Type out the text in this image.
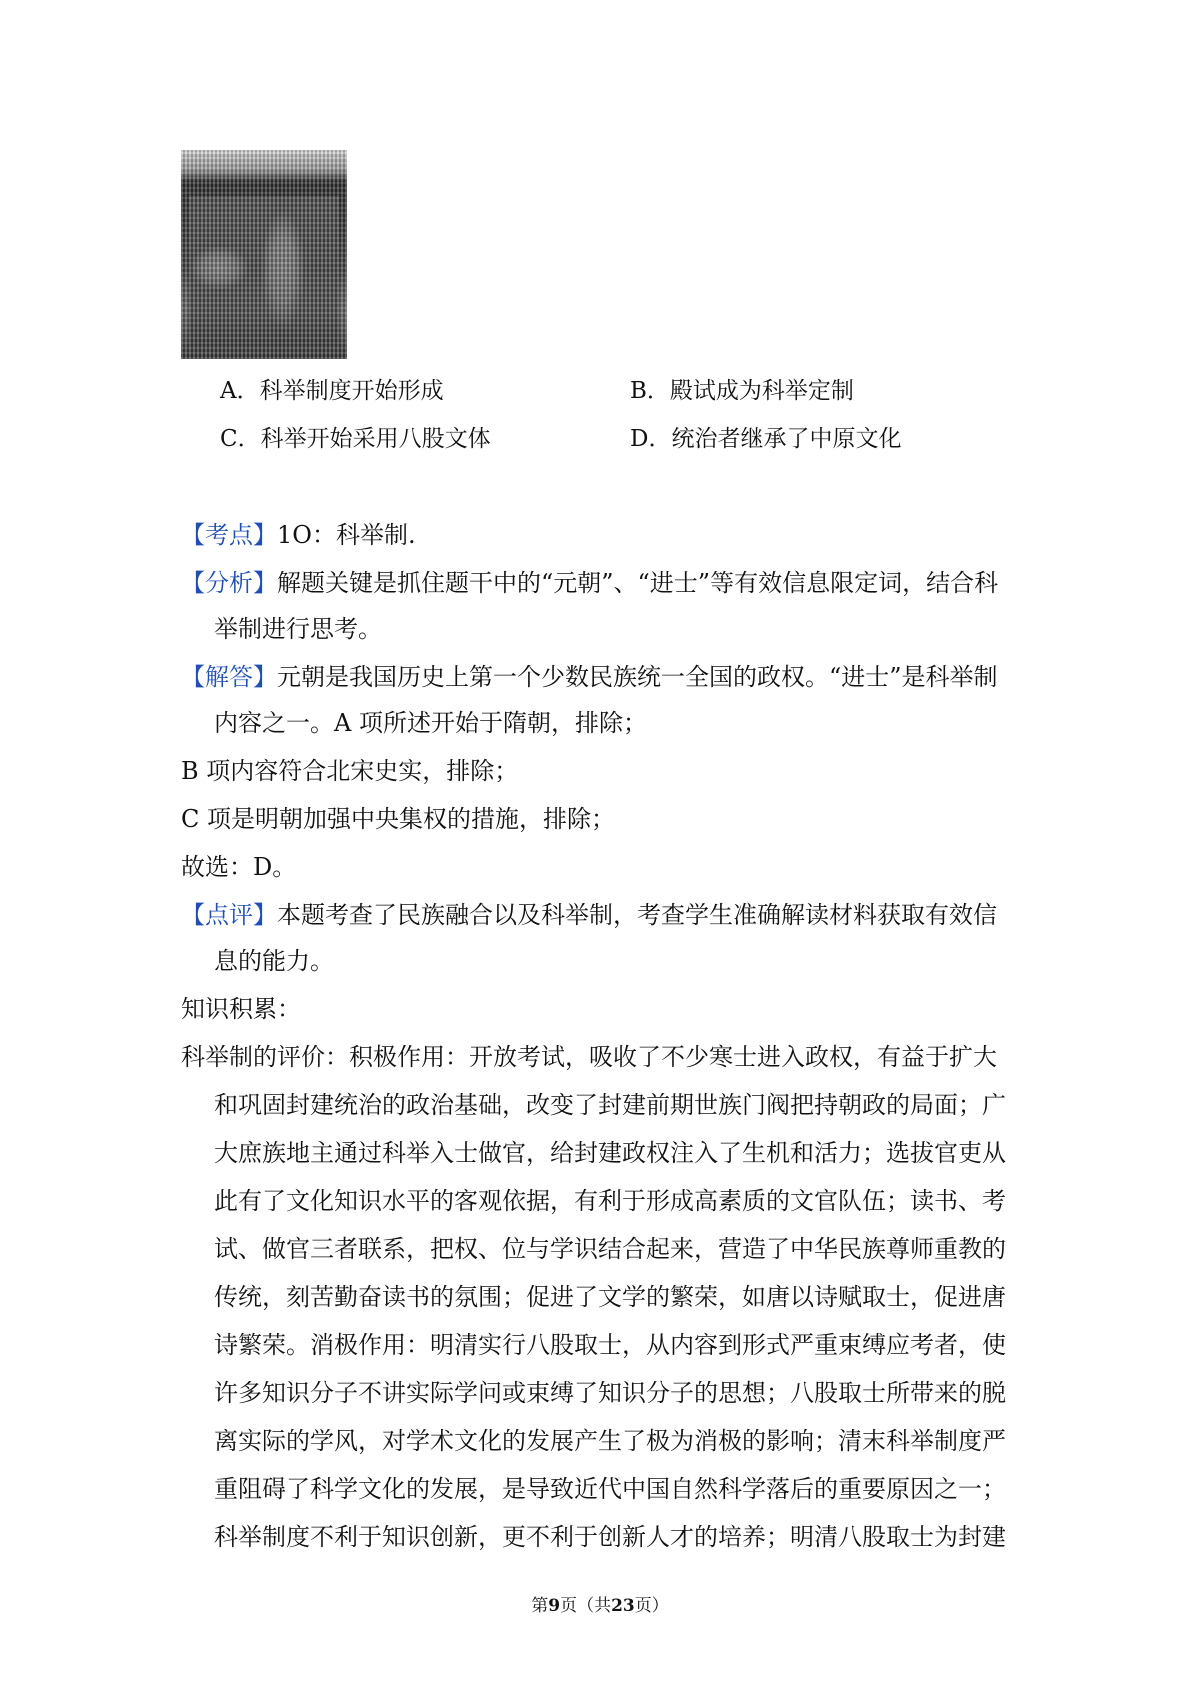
A．科举制度开始形成	B．殿试成为科举定制
C．科举开始采用八股文体	D．统治者继承了中原文化
【考点】1O：科举制.
【分析】解题关键是抓住题干中的“元朝”、“进士”等有效信息限定词，结合科
举制进行思考。
【解答】元朝是我国历史上第一个少数民族统一全国的政权。“进士”是科举制
内容之一。A 项所述开始于隋朝，排除；
B 项内容符合北宋史实，排除；
C 项是明朝加强中央集权的措施，排除；
故选：D。
【点评】本题考查了民族融合以及科举制，考查学生准确解读材料获取有效信
息的能力。
知识积累：
科举制的评价：积极作用：开放考试，吸收了不少寒士进入政权，有益于扩大
和巩固封建统治的政治基础，改变了封建前期世族门阀把持朝政的局面；广
大庶族地主通过科举入士做官，给封建政权注入了生机和活力；选拔官吏从
此有了文化知识水平的客观依据，有利于形成高素质的文官队伍；读书、考
试、做官三者联系，把权、位与学识结合起来，营造了中华民族尊师重教的
传统，刻苦勤奋读书的氛围；促进了文学的繁荣，如唐以诗赋取士，促进唐
诗繁荣。消极作用：明清实行八股取士，从内容到形式严重束缚应考者，使
许多知识分子不讲实际学问或束缚了知识分子的思想；八股取士所带来的脱
离实际的学风，对学术文化的发展产生了极为消极的影响；清末科举制度严
重阻碍了科学文化的发展，是导致近代中国自然科学落后的重要原因之一；
科举制度不利于知识创新，更不利于创新人才的培养；明清八股取士为封建
第9页（共23页）
